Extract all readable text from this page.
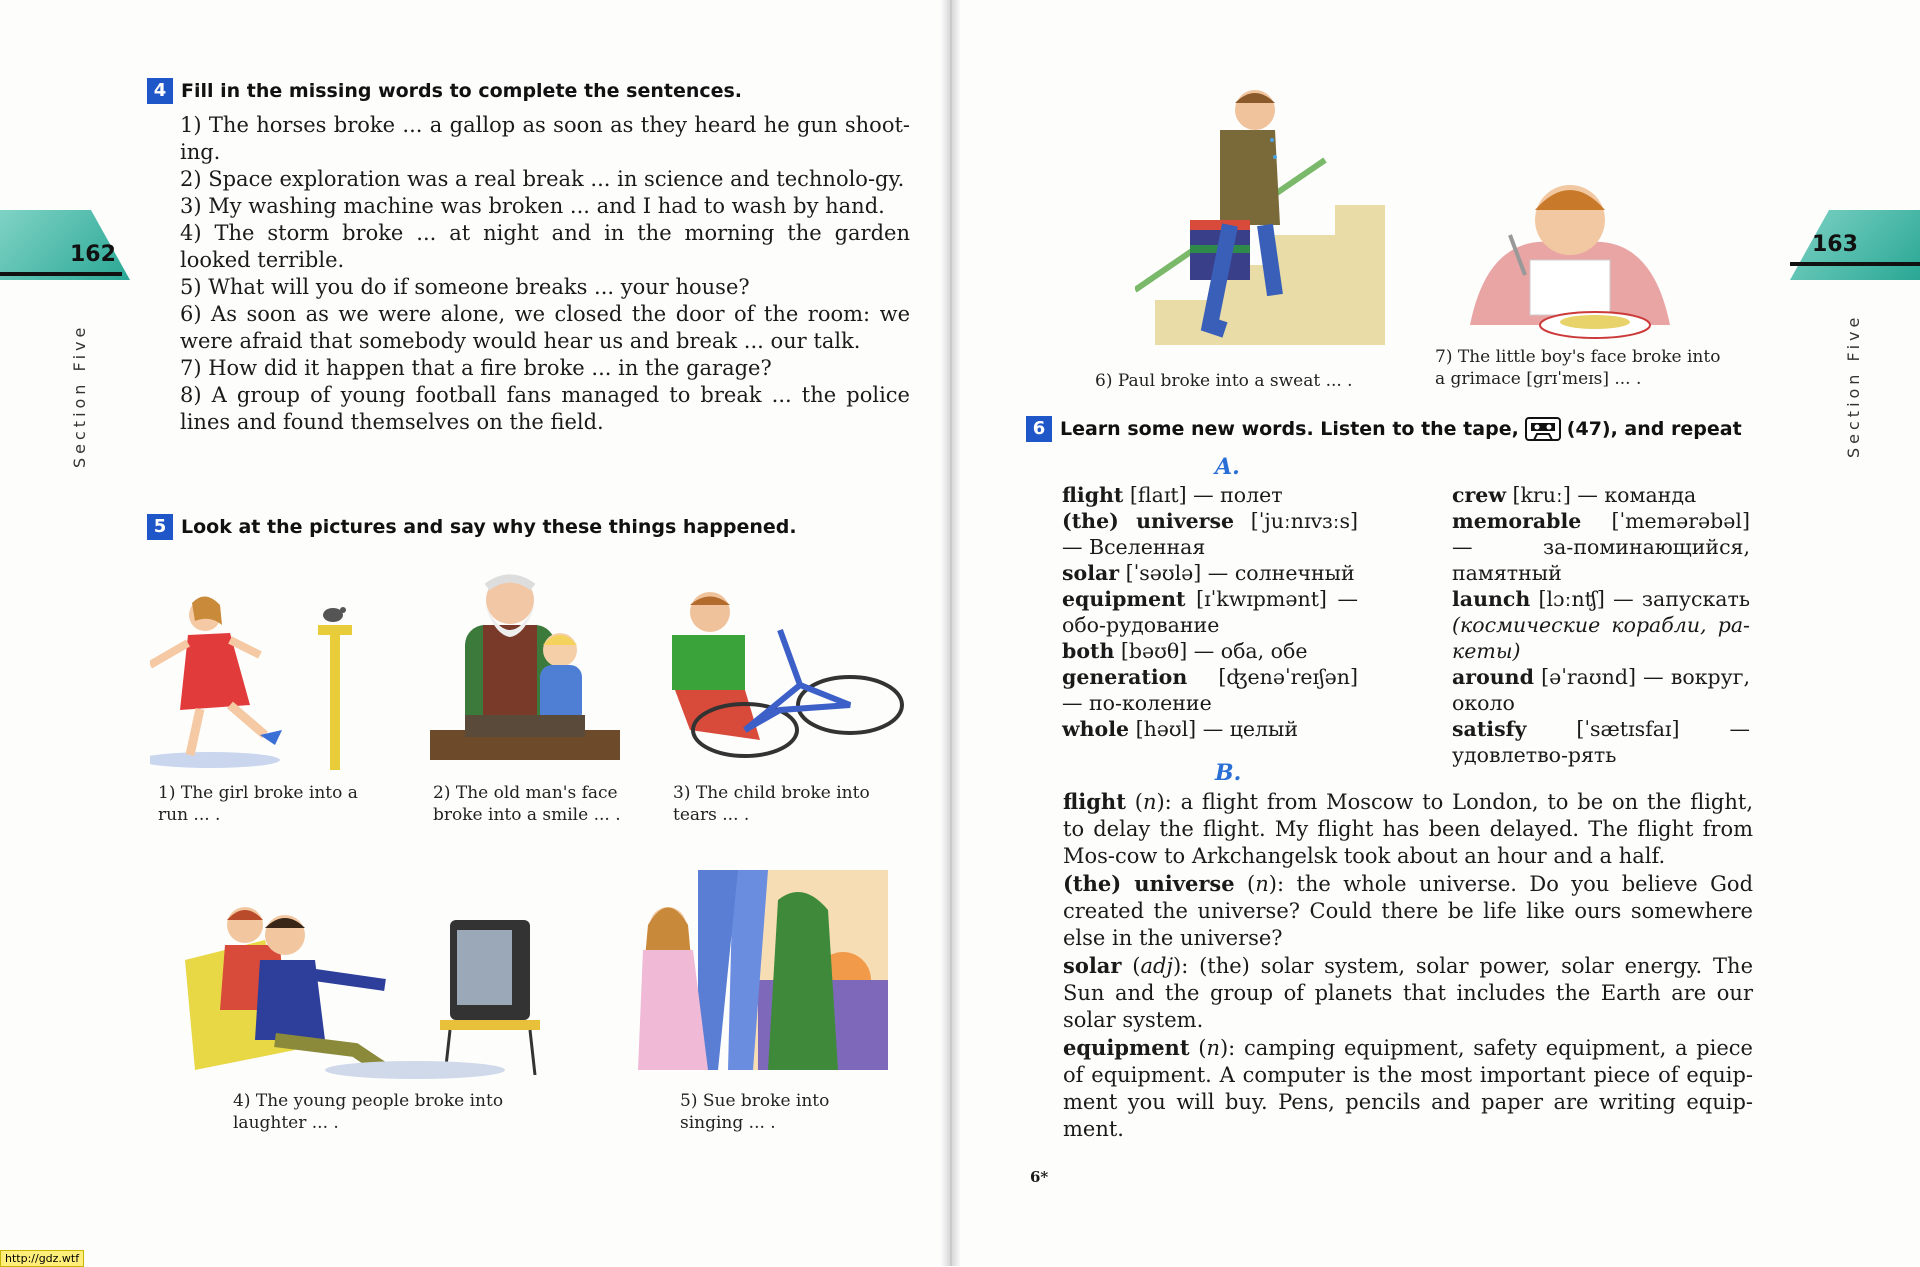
162
Section Five
4 Fill in the missing words to complete the sentences.

1) The horses broke ... a gallop as soon as they heard he gun shoot-ing.

2) Space exploration was a real break ... in science and technolo-gy.

3) My washing machine was broken ... and I had to wash by hand.

4) The storm broke ... at night and in the morning the garden looked terrible.

5) What will you do if someone breaks ... your house?

6) As soon as we were alone, we closed the door of the room: we were afraid that somebody would hear us and break ... our talk.

7) How did it happen that a fire broke ... in the garage?

8) A group of young football fans managed to break ... the police lines and found themselves on the field.

5 Look at the pictures and say why these things happened.
1) The girl broke into a run ... .
2) The old man's face broke into a smile ... .
3) The child broke into tears ... .
4) The young people broke into laughter ... .
5) Sue broke into singing ... .
163
Section Five
6) Paul broke into a sweat ... .
7) The little boy's face broke into a grimace [grɪˈmeɪs] ... .
6 Learn some new words. Listen to the tape,	(47), and repeat
A.
flight [flaɪt] — полет
(the) universe [ˈjuːnɪvɜːs] — Вселенная
solar [ˈsəʊlə] — солнечный
equipment [ɪˈkwɪpmənt] — обо-рудование
both [bəʊθ] — оба, обе
generation [ʤenəˈreɪʃən] — по-коление
whole [həʊl] — целый
crew [kruː] — команда
memorable [ˈmemərəbəl] — за-поминающийся, памятный
launch [lɔːnʧ] — запускать (космические корабли, ра-кеты)
around [əˈraʊnd] — вокруг, около
satisfy [ˈsætɪsfaɪ] — удовлетво-рять
B.
flight (n): a flight from Moscow to London, to be on the flight, to delay the flight. My flight has been delayed. The flight from Mos-cow to Arkchangelsk took about an hour and a half.
(the) universe (n): the whole universe. Do you believe God created the universe? Could there be life like ours somewhere else in the universe?
solar (adj): (the) solar system, solar power, solar energy. The Sun and the group of planets that includes the Earth are our solar system.
equipment (n): camping equipment, safety equipment, a piece of equipment. A computer is the most important piece of equip-ment you will buy. Pens, pencils and paper are writing equip-ment.
6*
http://gdz.wtf
